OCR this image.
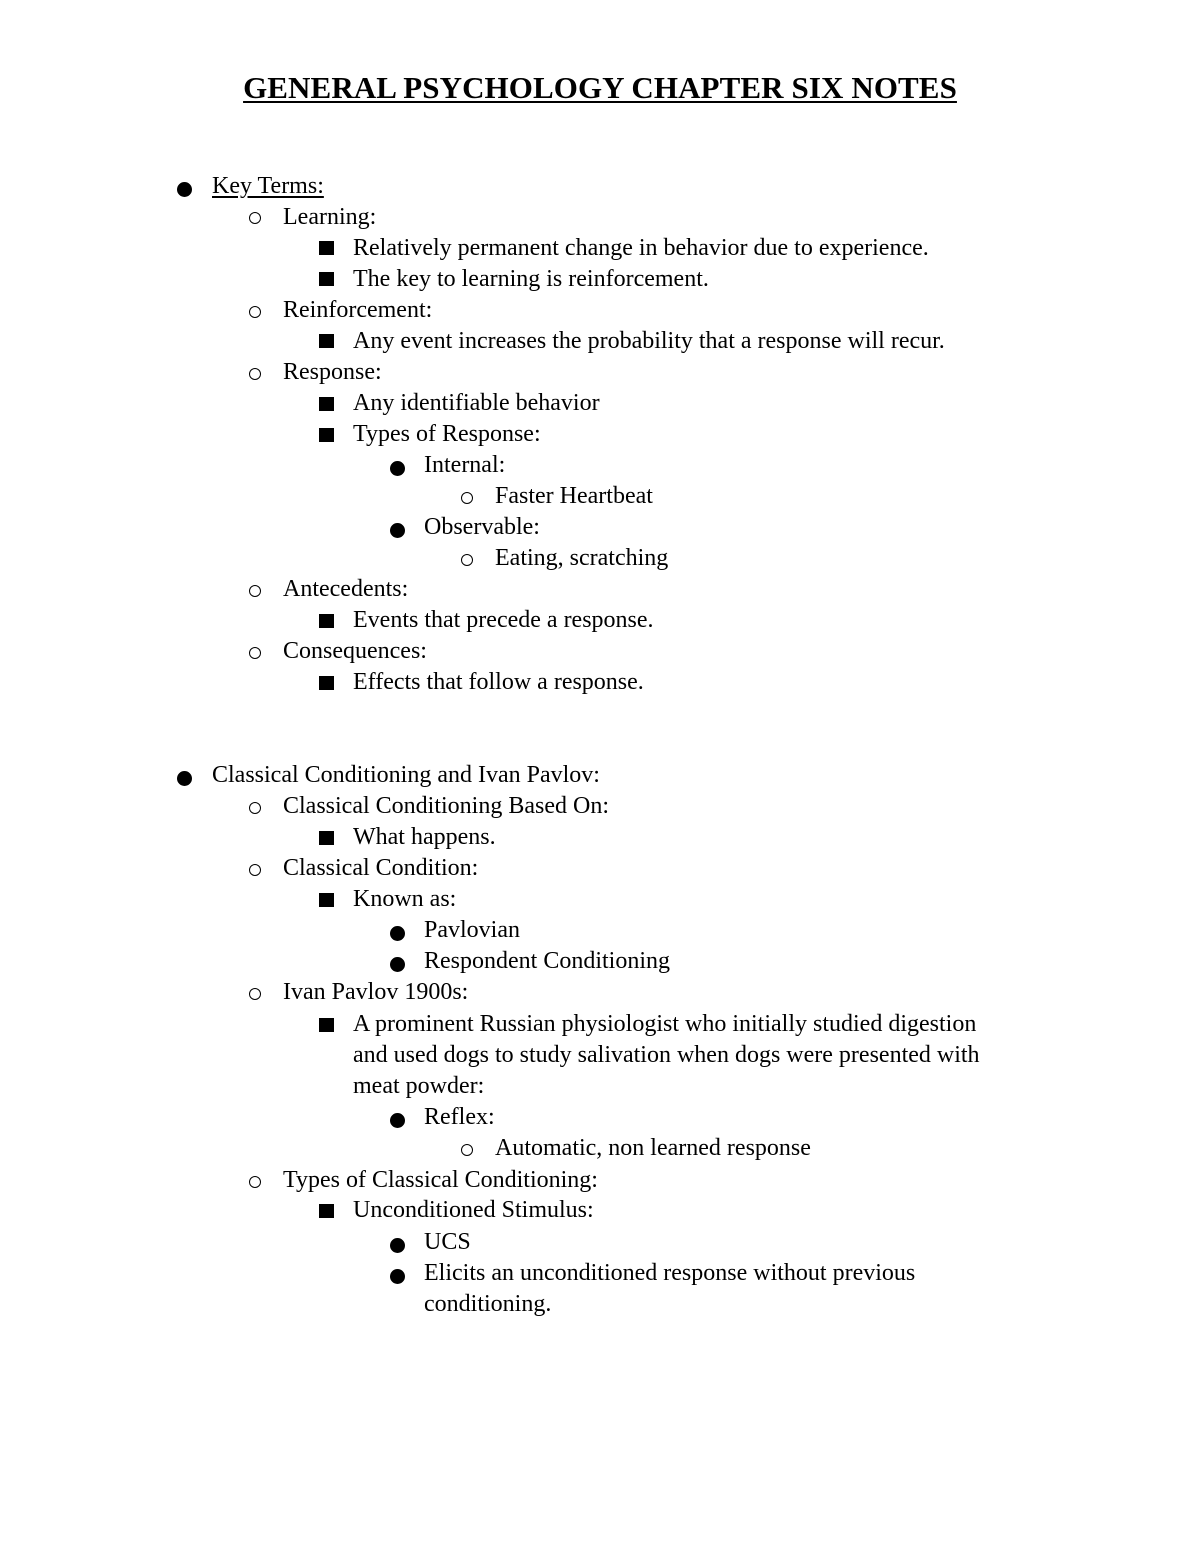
GENERAL PSYCHOLOGY CHAPTER SIX NOTES
Key Terms:
Learning:
Relatively permanent change in behavior due to experience.
The key to learning is reinforcement.
Reinforcement:
Any event increases the probability that a response will recur.
Response:
Any identifiable behavior
Types of Response:
Internal:
Faster Heartbeat
Observable:
Eating, scratching
Antecedents:
Events that precede a response.
Consequences:
Effects that follow a response.
Classical Conditioning and Ivan Pavlov:
Classical Conditioning Based On:
What happens.
Classical Condition:
Known as:
Pavlovian
Respondent Conditioning
Ivan Pavlov 1900s:
A prominent Russian physiologist who initially studied digestion
and used dogs to study salivation when dogs were presented with
meat powder:
Reflex:
Automatic, non learned response
Types of Classical Conditioning:
Unconditioned Stimulus:
UCS
Elicits an unconditioned response without previous
conditioning.
